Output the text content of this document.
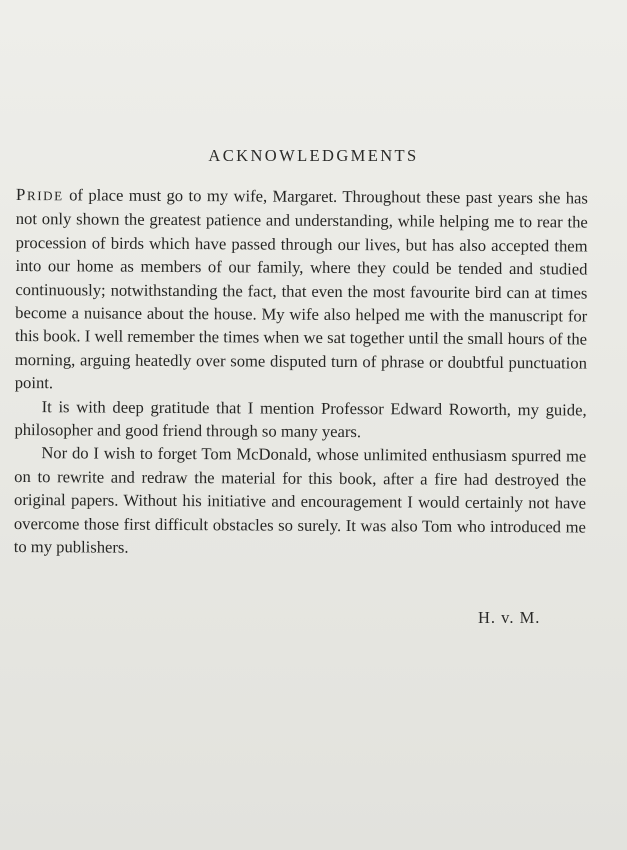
ACKNOWLEDGMENTS

PRIDE of place must go to my wife, Margaret. Throughout these past years she has not only shown the greatest patience and understanding, while helping me to rear the procession of birds which have passed through our lives, but has also accepted them into our home as members of our family, where they could be tended and studied continuously; notwithstanding the fact, that even the most favourite bird can at times become a nuisance about the house. My wife also helped me with the manuscript for this book. I well remember the times when we sat together until the small hours of the morning, arguing heatedly over some disputed turn of phrase or doubtful punctuation point.

It is with deep gratitude that I mention Professor Edward Roworth, my guide, philosopher and good friend through so many years.

Nor do I wish to forget Tom McDonald, whose unlimited enthusiasm spurred me on to rewrite and redraw the material for this book, after a fire had destroyed the original papers. Without his initiative and encouragement I would certainly not have overcome those first difficult obstacles so surely. It was also Tom who introduced me to my publishers.

H. v. M.
